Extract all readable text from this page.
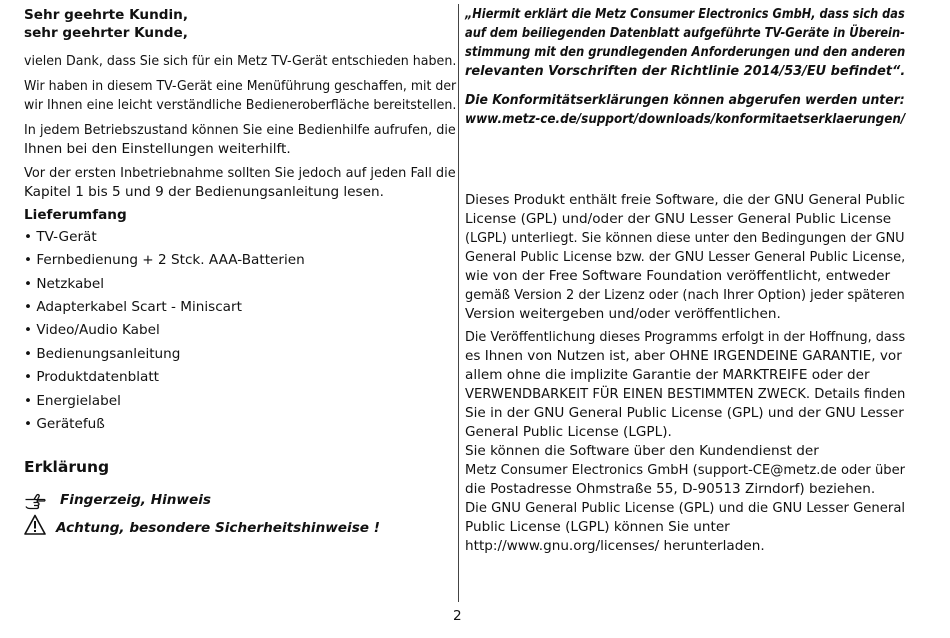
Sehr geehrte Kundin,
sehr geehrter Kunde,
vielen Dank, dass Sie sich für ein Metz TV-Gerät entschieden haben.
Wir haben in diesem TV-Gerät eine Menüführung geschaffen, mit der
wir Ihnen eine leicht verständliche Bedieneroberfläche bereitstellen.
In jedem Betriebszustand können Sie eine Bedienhilfe aufrufen, die
Ihnen bei den Einstellungen weiterhilft.
Vor der ersten Inbetriebnahme sollten Sie jedoch auf jeden Fall die
Kapitel 1 bis 5 und 9 der Bedienungsanleitung lesen.
Lieferumfang
• TV-Gerät
• Fernbedienung + 2 Stck. AAA-Batterien
• Netzkabel
• Adapterkabel Scart - Miniscart
• Video/Audio Kabel
• Bedienungsanleitung
• Produktdatenblatt
• Energielabel
• Gerätefuß
Erklärung
Fingerzeig, Hinweis
Achtung, besondere Sicherheitshinweise !
„Hiermit erklärt die Metz Consumer Electronics GmbH, dass sich das
auf dem beiliegenden Datenblatt aufgeführte TV-Geräte in Überein-
stimmung mit den grundlegenden Anforderungen und den anderen
relevanten Vorschriften der Richtlinie 2014/53/EU befindet“.
Die Konformitätserklärungen können abgerufen werden unter:
www.metz-ce.de/support/downloads/konformitaetserklaerungen/
Dieses Produkt enthält freie Software, die der GNU General Public
License (GPL) und/oder der GNU Lesser General Public License
(LGPL) unterliegt. Sie können diese unter den Bedingungen der GNU
General Public License bzw. der GNU Lesser General Public License,
wie von der Free Software Foundation veröffentlicht, entweder
gemäß Version 2 der Lizenz oder (nach Ihrer Option) jeder späteren
Version weitergeben und/oder veröffentlichen.
Die Veröffentlichung dieses Programms erfolgt in der Hoffnung, dass
es Ihnen von Nutzen ist, aber OHNE IRGENDEINE GARANTIE, vor
allem ohne die implizite Garantie der MARKTREIFE oder der
VERWENDBARKEIT FÜR EINEN BESTIMMTEN ZWECK. Details finden
Sie in der GNU General Public License (GPL) und der GNU Lesser
General Public License (LGPL).
Sie können die Software über den Kundendienst der
Metz Consumer Electronics GmbH (support-CE@metz.de oder über
die Postadresse Ohmstraße 55, D-90513 Zirndorf) beziehen.
Die GNU General Public License (GPL) und die GNU Lesser General
Public License (LGPL) können Sie unter
http://www.gnu.org/licenses/ herunterladen.
2
